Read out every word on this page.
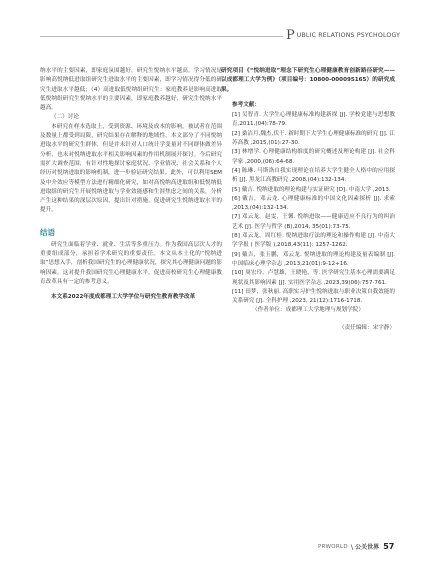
P UBLIC RELATIONS PSYCHOLOGY

纳水平的主要因素，即家庭氛围越好，研究生悦纳水平越高。学习情况是影响高悦纳低进取组研究生进取水平的主要因素，即学习情况得分低的研究生进取水平越低；（4）高进取低悦纳组研究生：家庭教养是影响高进取低悦纳组研究生悦纳水平的主要因素，即家庭教养越好，研究生悦纳水平越高。

（二）讨论

本研究在样本选取上，受到资源、环境及成本的影响，被试者在范围及数量上都受到局限，研究结果存在解释的地域性，本文部分了不同悦纳进取水平的研究生群体，但是并未针对人口统计学变量对不同群体做差异分析，也未对悦纳进取水平相关影响因素的作用机制展开探讨。今后研究需扩大调查范围，有针对性地探讨家庭状况、学业情况、社会关系和个人经历对悦纳进取的影响机制，进一步验证研究结果。此外，可以利用SEM及中介效应等模型方法进行精细化研究，如对高悦纳高进取组和低悦纳低进取组的研究生开展悦纳进取与学业效能感和生涯焦虑之间的关系，分析产生这种结果的深层次原因，提出针对措施，促进研究生悦纳进取水平的提升。

结语

研究生面临着学业、就业、生活等多重压力。作为我国高层次人才的重要组成部分，承担着学术研究的重要责任。本文从本土化的“悦纳进取”思想入手，剖析我国研究生的心理健康状况，探究其心理健康问题的影响因素。这对提升我国研究生心理健康水平，促进高校研究生心理健康教育改革具有一定的参考意义。

本文系2022年度成都理工大学学位与研究生教育教学改革

研究项目《“悦纳进取”理念下研究生心理健康教育创新路径研究——以成都理工大学为例》（项目编号：10800-000095165）的研究成果。

参考文献：

[1] 吴智青. 大学生心理健康标准构建新探 [J]. 学校党建与思想教育,2011,(04):78-79.
[2] 桑洁月,魏杰,伏干. 新时期下大学生心理健康标准的研究 [J]. 江苏高教 ,2015,(01):27-30.
[3] 林增学. 心理健康结构维度的研究概述及理论构建 [J]. 社会科学家 ,2000,(06):64-68.
[4] 陈琳. 马斯洛自我实现理论在培养大学生健全人格中的应用探析 [J]. 黑龙江高教研究 ,2008,(04):132-134.
[5] 戴吉. 悦纳进取的理论构建与实证研究 [D]. 中南大学 ,2013.
[6] 戴吉，邓云龙. 心理健康标准的中国文化因素探析 [J]. 求索 ,2013,(04):132-134.
[7] 邓云龙，赵雯，王馨. 悦纳进取——健康适应不良行为的纠治艺术 [J]. 医学与哲学 (B),2014, 35(01):73-75.
[8] 邓云龙，周红桂. 悦纳进取疗法的理论和操作构建 [J]. 中南大学学报 ( 医学版 ),2018,43(11): 1257-1262.
[9] 戴吉，张玉鹏，邓云龙. 悦纳进取的理论构建及量表编制 [J]. 中国临床心理学杂志 ,2013,21(01):9-12+16.
[10] 周宏玲，卢慧雄，王晓艳，等. 医学研究生基本心理需要满足现状及其影响因素 [J]. 实用医学杂志 ,2023,39(06):757-761.
[11] 田梦，张秋丽. 高职实习护生悦纳进取与职业决策自我效能的关系研究 [J]. 全科护理 ,2023, 21(12):1716-1718.

（作者单位：成都理工大学地理与规划学院）

（责任编辑：宋宇静）

PRWORLD \ 公关世界 57
